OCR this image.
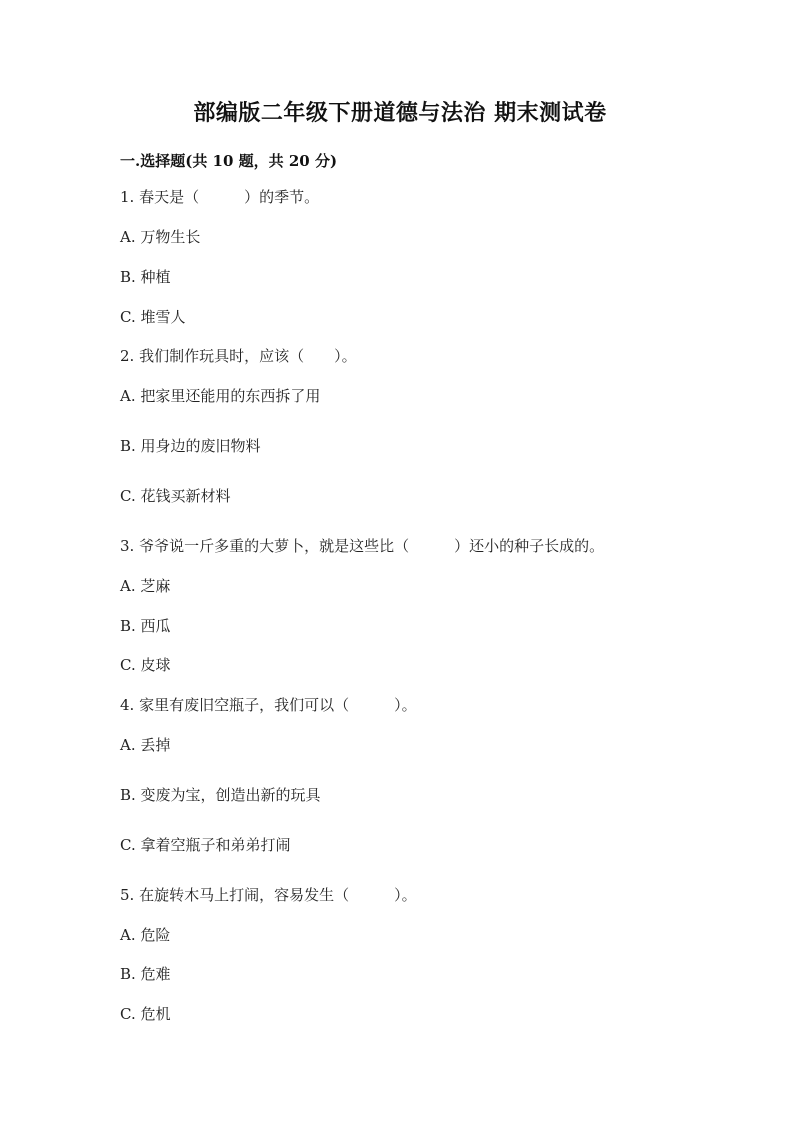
部编版二年级下册道德与法治 期末测试卷
一.选择题(共 10 题，共 20 分)
1. 春天是（　　　）的季节。
A. 万物生长
B. 种植
C. 堆雪人
2. 我们制作玩具时，应该（　　）。
A. 把家里还能用的东西拆了用
B. 用身边的废旧物料
C. 花钱买新材料
3. 爷爷说一斤多重的大萝卜，就是这些比（　　　）还小的种子长成的。
A. 芝麻
B. 西瓜
C. 皮球
4. 家里有废旧空瓶子，我们可以（　　　）。
A. 丢掉
B. 变废为宝，创造出新的玩具
C. 拿着空瓶子和弟弟打闹
5. 在旋转木马上打闹，容易发生（　　　）。
A. 危险
B. 危难
C. 危机
